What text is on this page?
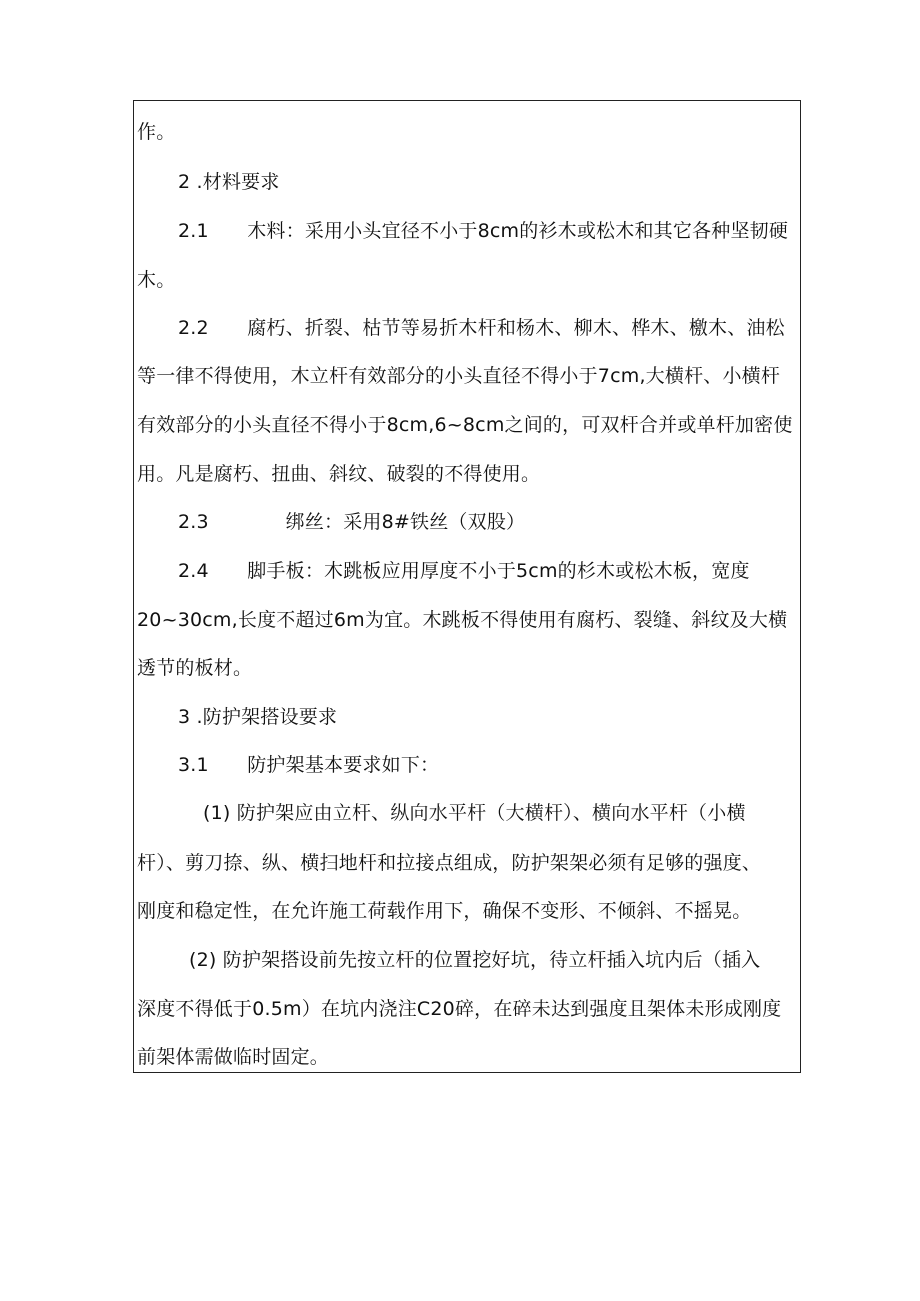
作。
2 .材料要求
2.1　　木料：采用小头宜径不小于8cm的衫木或松木和其它各种坚韧硬
木。
2.2　　腐朽、折裂、枯节等易折木杆和杨木、柳木、桦木、檄木、油松
等一律不得使用，木立杆有效部分的小头直径不得小于7cm,大横杆、小横杆
有效部分的小头直径不得小于8cm,6~8cm之间的，可双杆合并或单杆加密使
用。凡是腐朽、扭曲、斜纹、破裂的不得使用。
2.3　　　　绑丝：采用8#铁丝（双股）
2.4　　脚手板：木跳板应用厚度不小于5cm的杉木或松木板，宽度
20~30cm,长度不超过6m为宜。木跳板不得使用有腐朽、裂缝、斜纹及大横
透节的板材。
3 .防护架搭设要求
3.1　　防护架基本要求如下：
(1) 防护架应由立杆、纵向水平杆（大横杆）、横向水平杆（小横
杆）、剪刀捺、纵、横扫地杆和拉接点组成，防护架架必须有足够的强度、
刚度和稳定性，在允许施工荷载作用下，确保不变形、不倾斜、不摇晃。
(2) 防护架搭设前先按立杆的位置挖好坑，待立杆插入坑内后（插入
深度不得低于0.5m）在坑内浇注C20碎，在碎未达到强度且架体未形成刚度
前架体需做临时固定。
